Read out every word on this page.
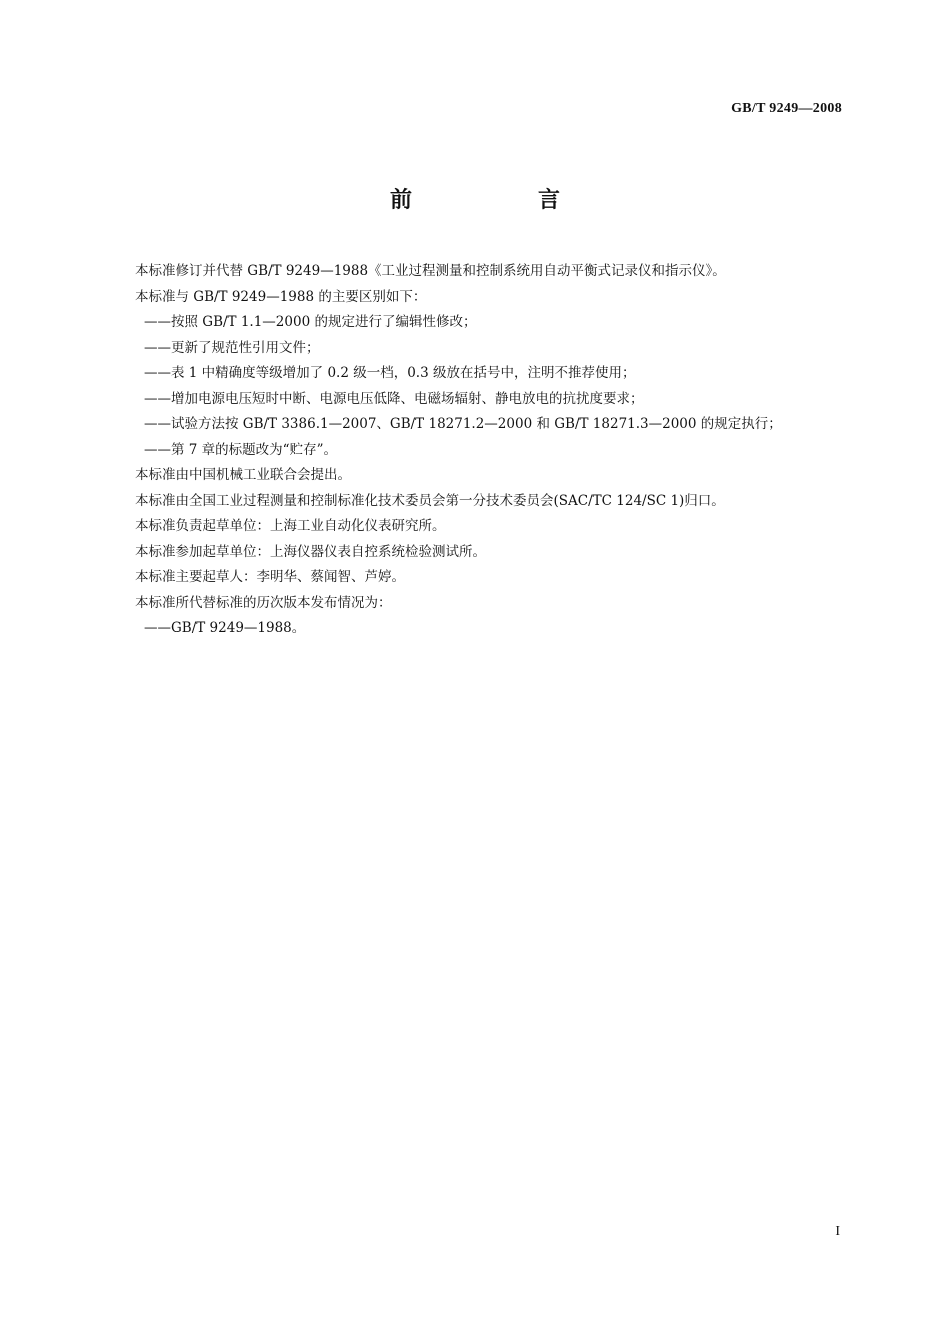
GB/T 9249—2008
前　言

本标准修订并代替 GB/T 9249—1988《工业过程测量和控制系统用自动平衡式记录仪和指示仪》。

本标准与 GB/T 9249—1988 的主要区别如下：

——按照 GB/T 1.1—2000 的规定进行了编辑性修改；

——更新了规范性引用文件；

——表 1 中精确度等级增加了 0.2 级一档，0.3 级放在括号中，注明不推荐使用；

——增加电源电压短时中断、电源电压低降、电磁场辐射、静电放电的抗扰度要求；

——试验方法按 GB/T 3386.1—2007、GB/T 18271.2—2000 和 GB/T 18271.3—2000 的规定执行；

——第 7 章的标题改为“贮存”。

本标准由中国机械工业联合会提出。

本标准由全国工业过程测量和控制标准化技术委员会第一分技术委员会(SAC/TC 124/SC 1)归口。

本标准负责起草单位：上海工业自动化仪表研究所。

本标准参加起草单位：上海仪器仪表自控系统检验测试所。

本标准主要起草人：李明华、蔡闻智、芦婷。

本标准所代替标准的历次版本发布情况为：

——GB/T 9249—1988。

I
